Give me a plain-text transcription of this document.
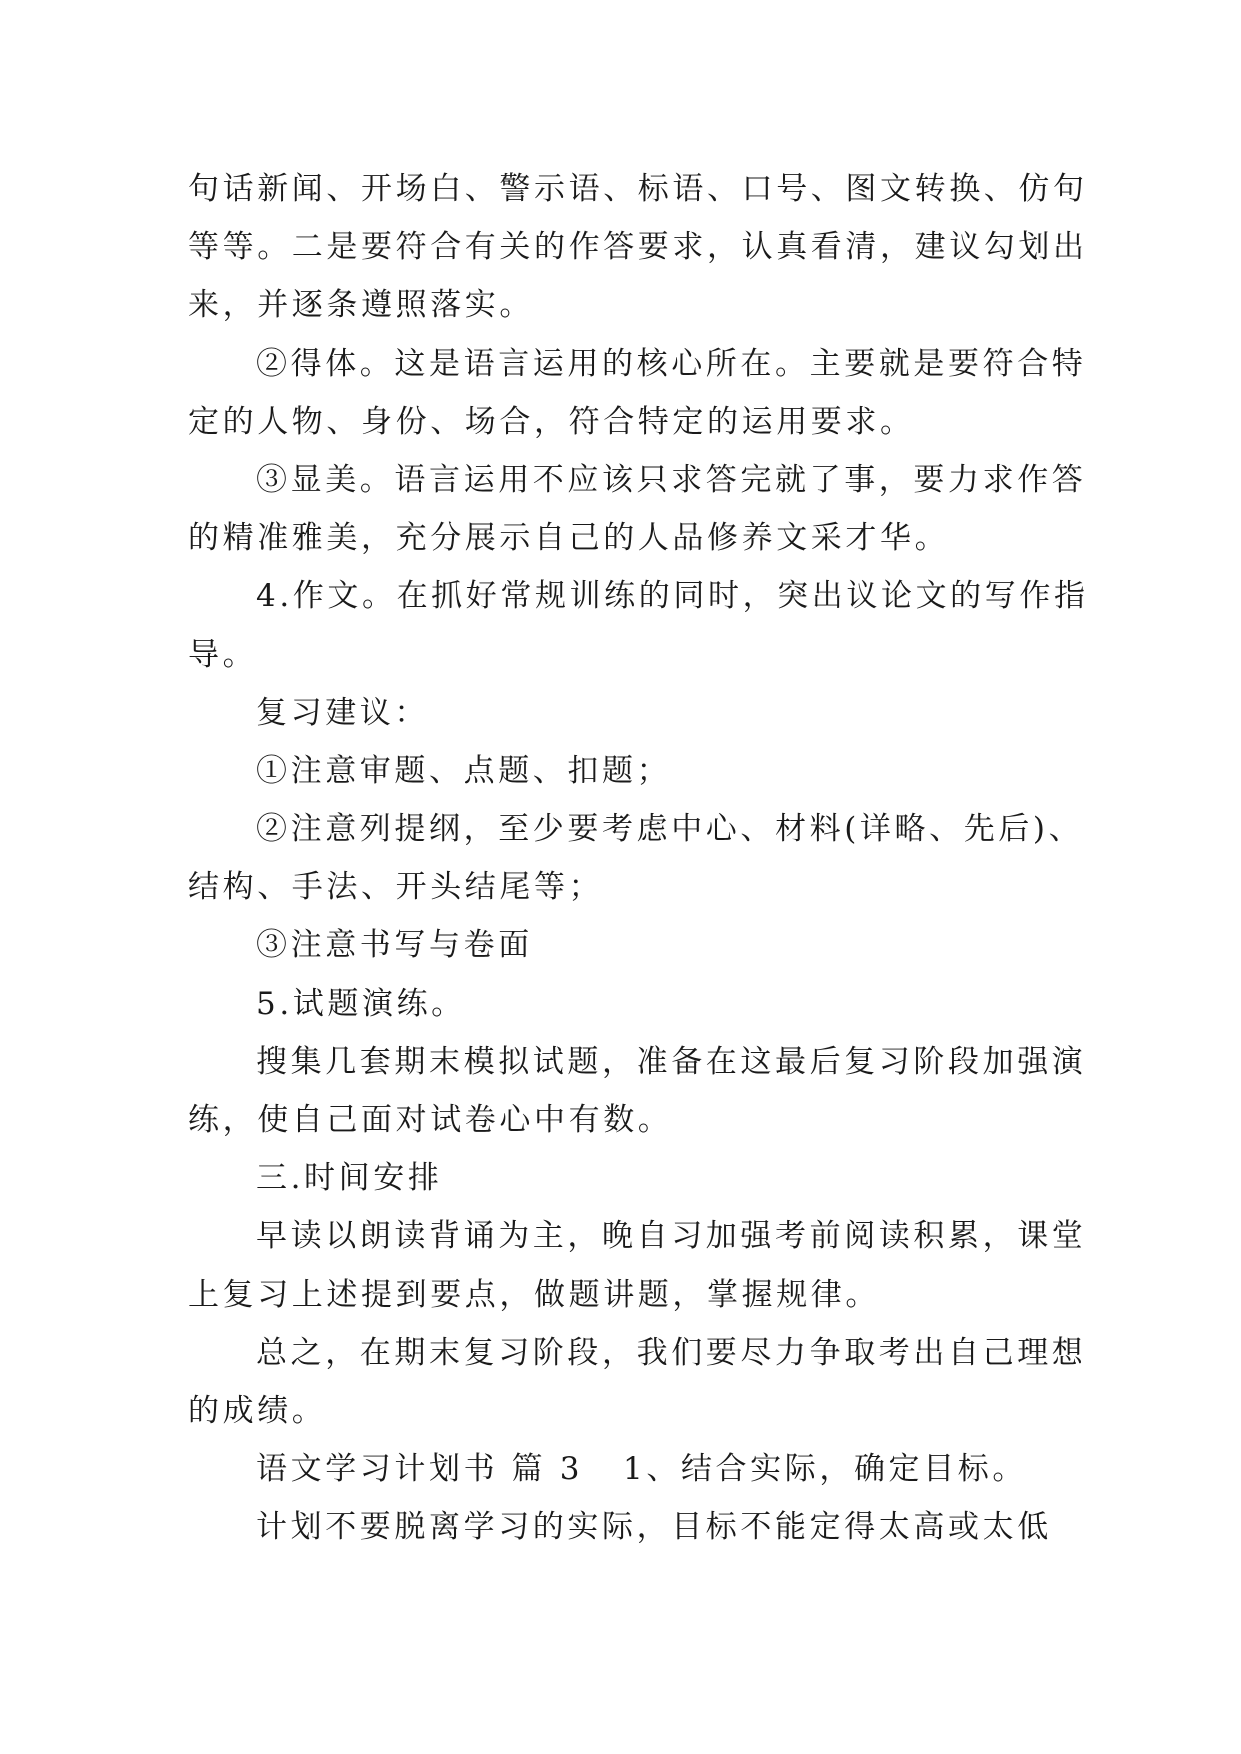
句话新闻、开场白、警示语、标语、口号、图文转换、仿句
等等。二是要符合有关的作答要求，认真看清，建议勾划出
来，并逐条遵照落实。
②得体。这是语言运用的核心所在。主要就是要符合特
定的人物、身份、场合，符合特定的运用要求。
③显美。语言运用不应该只求答完就了事，要力求作答
的精准雅美，充分展示自己的人品修养文采才华。
4.作文。在抓好常规训练的同时，突出议论文的写作指
导。
复习建议：
①注意审题、点题、扣题；
②注意列提纲，至少要考虑中心、材料(详略、先后)、
结构、手法、开头结尾等；
③注意书写与卷面
5.试题演练。
搜集几套期末模拟试题，准备在这最后复习阶段加强演
练，使自己面对试卷心中有数。
三.时间安排
早读以朗读背诵为主，晚自习加强考前阅读积累，课堂
上复习上述提到要点，做题讲题，掌握规律。
总之，在期末复习阶段，我们要尽力争取考出自己理想
的成绩。
语文学习计划书 篇 3 1、结合实际，确定目标。
计划不要脱离学习的实际，目标不能定得太高或太低
